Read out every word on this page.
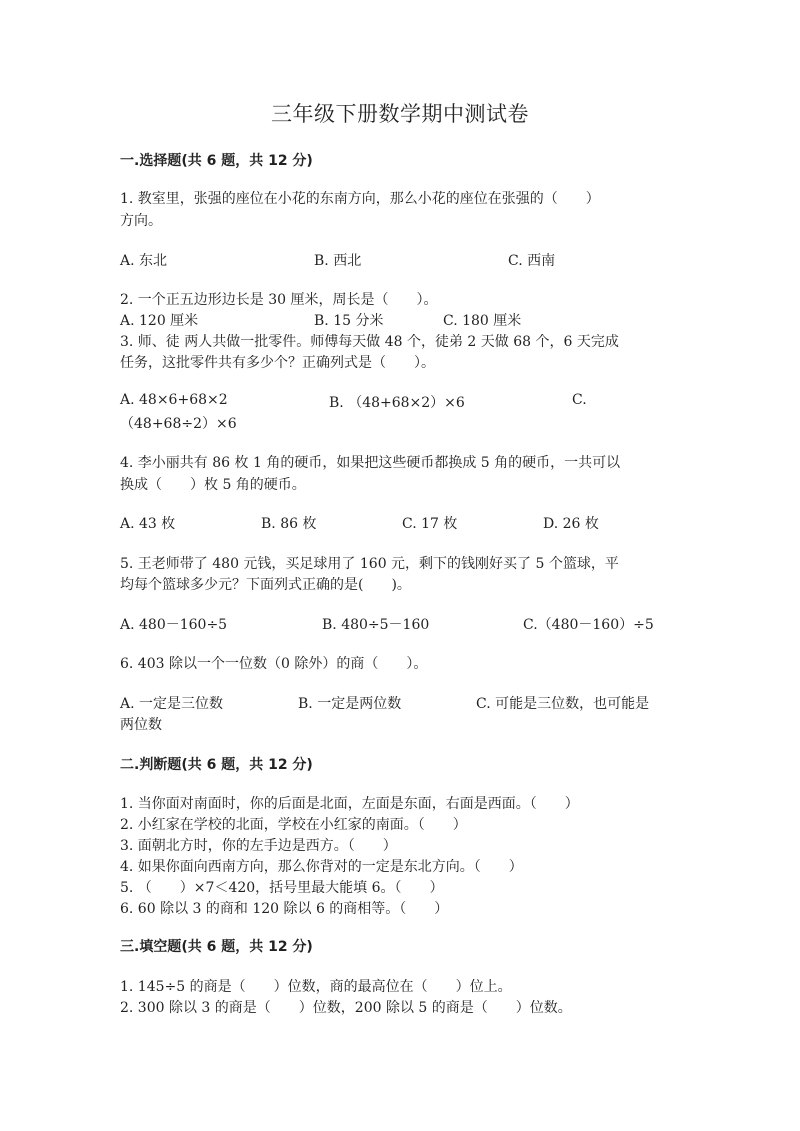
三年级下册数学期中测试卷
一.选择题(共 6 题，共 12 分)
1. 教室里，张强的座位在小花的东南方向，那么小花的座位在张强的（　　）
方向。
A. 东北	B. 西北	C. 西南
2. 一个正五边形边长是 30 厘米，周长是（　　）。
A. 120 厘米	B. 15 分米	C. 180 厘米
3. 师、徒 两人共做一批零件。师傅每天做 48 个，徒弟 2 天做 68 个，6 天完成
任务，这批零件共有多少个？正确列式是（　　）。
A. 48×6+68×2	B. （48+68×2）×6	C.
（48+68÷2）×6
4. 李小丽共有 86 枚 1 角的硬币，如果把这些硬币都换成 5 角的硬币，一共可以
换成（　　）枚 5 角的硬币。
A. 43 枚	B. 86 枚	C. 17 枚	D. 26 枚
5. 王老师带了 480 元钱，买足球用了 160 元，剩下的钱刚好买了 5 个篮球，平
均每个篮球多少元？下面列式正确的是(　　)。
A. 480－160÷5	B. 480÷5－160	C.（480－160）÷5
6. 403 除以一个一位数（0 除外）的商（　　）。
A. 一定是三位数	B. 一定是两位数	C. 可能是三位数，也可能是
两位数
二.判断题(共 6 题，共 12 分)
1. 当你面对南面时，你的后面是北面，左面是东面，右面是西面。（　　）
2. 小红家在学校的北面，学校在小红家的南面。（　　）
3. 面朝北方时，你的左手边是西方。（　　）
4. 如果你面向西南方向，那么你背对的一定是东北方向。（　　）
5. （　　）×7＜420，括号里最大能填 6。（　　）
6. 60 除以 3 的商和 120 除以 6 的商相等。（　　）
三.填空题(共 6 题，共 12 分)
1. 145÷5 的商是（　　）位数，商的最高位在（　　）位上。
2. 300 除以 3 的商是（　　）位数，200 除以 5 的商是（　　）位数。
